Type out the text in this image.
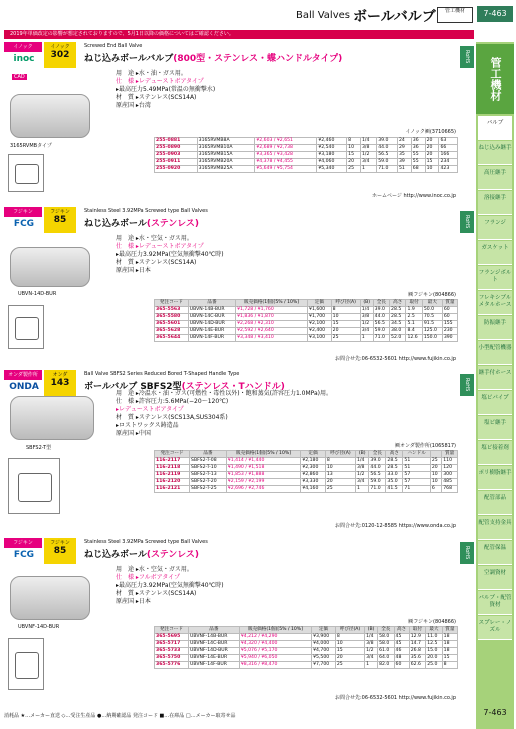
Ball Valves ボールバルブ	管工機材	7-463
2019年単価改定の影響が想定されておりますので、5月1日以降の価格についてはご確認ください。
管工機材
バルブ
ねじ込み継手
高圧継手
溶接継手
フランジ
ガスケット
フランジボルト
フレキシブルメタルホース
防振継手
小型配管機器
継手付ホース
塩ビパイプ
塩ビ継手
塩ビ接着剤
ポリ樹脂継手
配管部品
配管支持金具
配管保温
空調資材
バルブ・配管資材
スプレー・ノズル
イノック
inoc
CAD
イノック
302
Screwed End Ball Valve
ねじ込みボールバルブ(800型・ステンレス・蝶ハンドルタイプ)	RoHS
用　途 ▸水・油・ガス用。
仕　様 ▸レデューストボアタイプ
▸最高圧力5.49MPa(常温の無衝撃水)
材　質 ▸ステンレス(SCS14A)
原産国 ▸台湾
3165RVMBタイプ
イノック㈱(3710665)
255-0881	3165RVMB8A	¥2,603 / ¥2,651	¥2,460	8	1/4	39.0	24	36	20	63
255-0890	3165RVMB10A	¥2,689 / ¥2,738	¥2,540	10	3/8	44.0	29	36	20	66
255-0903	3165RVMB15A	¥3,365 / ¥3,428	¥3,180	15	1/2	56.5	35	55	20	166
255-0911	3165RVMB20A	¥4,378 / ¥4,455	¥4,060	20	3/4	59.0	39	55	15	234
255-0920	3165RVMB25A	¥5,649 / ¥5,754	¥5,340	25	1	71.0	51	68	10	423
ホームページ http://www.inoc.co.jp
フジキン
FCG
フジキン
85
Stainless Steel 3.92MPa Screwed type Ball Valves
ねじ込みボール(ステンレス)	RoHS
用　途 ▸水・空気・ガス用。
仕　様 ▸レデューストボアタイプ
▸最高圧力3.92MPa(空気無衝撃40℃時)
材　質 ▸ステンレス(SCS14A)
原産国 ▸日本
UBVN-14D-BUR	㈱フジキン(804866)
発注コード	品番	販売価格(1個)[5% / 10%]	定価	呼び径(A)	(B)	全長	高さ	取付	最大	質量
365-5563	UBVN-14B-BUR	¥1,728 / ¥1,760	¥1,600	8	1/4	39.0	28.5	1.9	50.0	60
365-5580	UBVN-14C-BUR	¥1,836 / ¥1,870	¥1,700	10	3/8	44.0	28.5	2.5	70.5	60
365-5601	UBVN-14D-BUR	¥2,268 / ¥2,310	¥2,100	15	1/2	56.5	34.5	5.1	91.5	155
365-5628	UBVN-14E-BUR	¥2,592 / ¥2,640	¥2,400	20	3/4	59.0	38.0	8.4	125.0	230
365-5644	UBVN-14F-BUR	¥3,348 / ¥3,410	¥3,100	25	1	71.0	52.0	12.6	150.0	390
お問合せ先:06-6532-5601 http://www.fujikin.co.jp
オンダ製作所
ONDA
オンダ
143
Ball Valve SBFS2 Series Reduced Bored T-Shaped Handle Type
ボールバルブ SBFS2型(ステンレス・Tハンドル)	RoHS
用　途 ▸冷温水・油・ガス(可燃性・毒性以外)・飽和蒸気(許容圧力1.0MPa)用。
仕　様 ▸許容圧力:5.6MPa(−20〜120℃)
▸レデューストボアタイプ
材　質 ▸ステンレス(SCS13A,SUS304系)
▸ロストワックス鋳造品
原産国 ▸中国
SBFS2-T型	㈱オンダ製作所(1065817)
発注コード	品番	販売価格(1個)[5% / 10%]	定価	呼び径(A)	(B)	全長	高さ	ハンドル		質量
116-2117	SBFS2-T-08	¥1,414 / ¥1,440	¥2,180	8	1/4	39.0	28.5	51	25	110
116-2118	SBFS2-T-10	¥1,490 / ¥1,518	¥2,300	10	3/8	44.0	28.5	51	20	120
116-2119	SBFS2-T-13	¥1,853 / ¥1,888	¥2,860	13	1/2	56.5	33.0	57	10	300
116-2120	SBFS2-T-20	¥2,159 / ¥2,199	¥3,330	20	3/4	59.0	35.0	57	10	485
116-2121	SBFS2-T-25	¥2,696 / ¥2,746	¥4,160	25	1	71.0	41.5	71	6	768
お問合せ先:0120-12-8585 https://www.onda.co.jp
フジキン
FCG
フジキン
85
Stainless Steel 3.92MPa Screwed type Ball Valves
ねじ込みボール(ステンレス)	RoHS
用　途 ▸水・空気・ガス用。
仕　様 ▸フルボアタイプ
▸最高圧力3.92MPa(空気無衝撃40℃時)
材　質 ▸ステンレス(SCS14A)
原産国 ▸日本
UBVNF-14D-BUR
㈱フジキン(804866)
発注コード	品番	販売価格(1個)[5% / 10%]	定価	呼び径(A)	(B)	全長	高さ	取付	最大	質量
365-5695	UBVNF-14B-BUR	¥4,212 / ¥4,290	¥3,900	8	1/4	58.0	45	12.9	11.0	18
365-5717	UBVNF-14C-BUR	¥4,320 / ¥4,400	¥4,000	10	3/8	58.0	45	14.7	12.5	18
365-5733	UBVNF-14D-BUR	¥5,076 / ¥5,170	¥4,700	15	1/2	61.0	46	26.8	15.0	18
365-5750	UBVNF-14E-BUR	¥5,940 / ¥6,050	¥5,500	20	3/4	64.0	48	35.6	20.0	15
365-5776	UBVNF-14F-BUR	¥8,316 / ¥8,470	¥7,700	25	1	82.0	60	62.6	25.0	8
お問合せ先:06-6532-5601 http://www.fujikin.co.jp
消耗品 ★…メーカー直送 ◇…受注生産品 ●…納期確認品 発注コード ■…在庫品 □…メーカー取寄せ品	7-463
